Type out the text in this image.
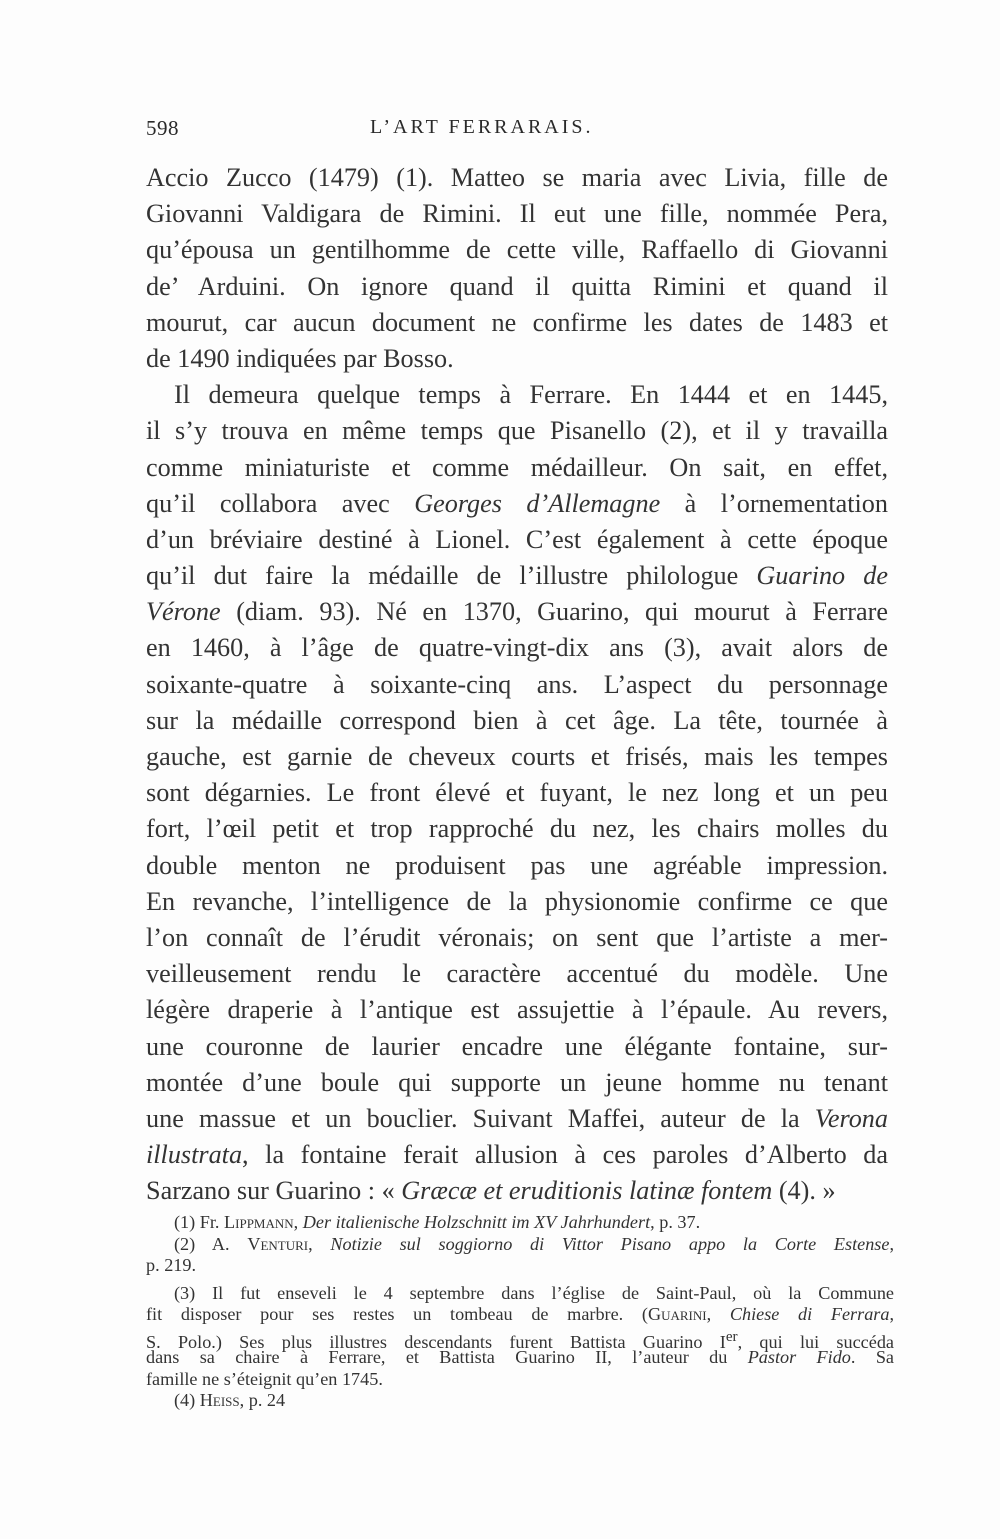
598	L’ART FERRARAIS.
Accio Zucco (1479) (1). Matteo se maria avec Livia, fille de
Giovanni Valdigara de Rimini. Il eut une fille, nommée Pera,
qu’épousa un gentilhomme de cette ville, Raffaello di Giovanni
de’ Arduini. On ignore quand il quitta Rimini et quand il
mourut, car aucun document ne confirme les dates de 1483 et
de 1490 indiquées par Bosso.
Il demeura quelque temps à Ferrare. En 1444 et en 1445,
il s’y trouva en même temps que Pisanello (2), et il y travailla
comme miniaturiste et comme médailleur. On sait, en effet,
qu’il collabora avec Georges d’Allemagne à l’ornementation
d’un bréviaire destiné à Lionel. C’est également à cette époque
qu’il dut faire la médaille de l’illustre philologue Guarino de
Vérone (diam. 93). Né en 1370, Guarino, qui mourut à Ferrare
en 1460, à l’âge de quatre-vingt-dix ans (3), avait alors de
soixante-quatre à soixante-cinq ans. L’aspect du personnage
sur la médaille correspond bien à cet âge. La tête, tournée à
gauche, est garnie de cheveux courts et frisés, mais les tempes
sont dégarnies. Le front élevé et fuyant, le nez long et un peu
fort, l’œil petit et trop rapproché du nez, les chairs molles du
double menton ne produisent pas une agréable impression.
En revanche, l’intelligence de la physionomie confirme ce que
l’on connaît de l’érudit véronais; on sent que l’artiste a mer-
veilleusement rendu le caractère accentué du modèle. Une
légère draperie à l’antique est assujettie à l’épaule. Au revers,
une couronne de laurier encadre une élégante fontaine, sur-
montée d’une boule qui supporte un jeune homme nu tenant
une massue et un bouclier. Suivant Maffei, auteur de la Verona
illustrata, la fontaine ferait allusion à ces paroles d’Alberto da
Sarzano sur Guarino : « Græcæ et eruditionis latinæ fontem (4). »
(1) Fr. Lippmann, Der italienische Holzschnitt im XV Jahrhundert, p. 37.
(2) A. Venturi, Notizie sul soggiorno di Vittor Pisano appo la Corte Estense,
p. 219.
(3) Il fut enseveli le 4 septembre dans l’église de Saint-Paul, où la Commune
fit disposer pour ses restes un tombeau de marbre. (Guarini, Chiese di Ferrara,
S. Polo.) Ses plus illustres descendants furent Battista Guarino Ier, qui lui succéda
dans sa chaire à Ferrare, et Battista Guarino II, l’auteur du Pastor Fido. Sa
famille ne s’éteignit qu’en 1745.
(4) Heiss, p. 24
